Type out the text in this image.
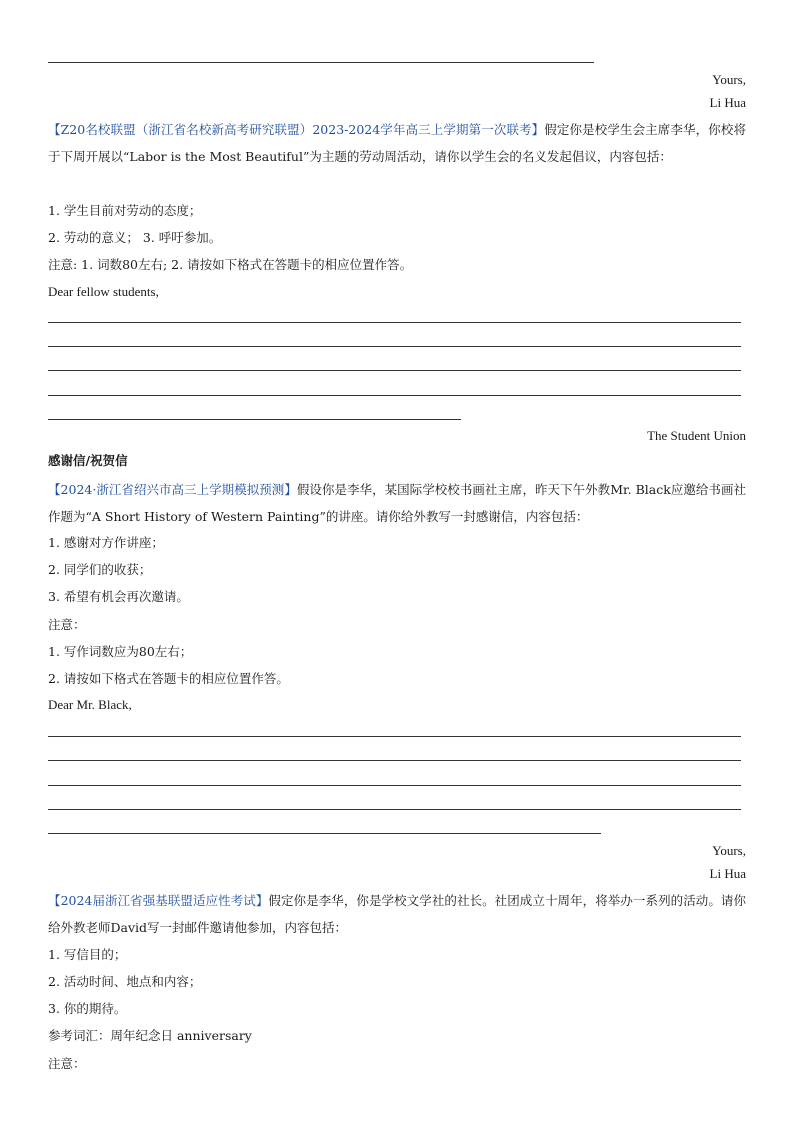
Yours,
Li Hua
【Z20名校联盟（浙江省名校新高考研究联盟）2023-2024学年高三上学期第一次联考】假定你是校学生会主席李华，你校将于下周开展以“Labor is the Most Beautiful”为主题的劳动周活动，请你以学生会的名义发起倡议，内容包括：
1. 学生目前对劳动的态度；
2. 劳动的意义； 3. 呼吁参加。
注意: 1. 词数80左右; 2. 请按如下格式在答题卡的相应位置作答。
Dear fellow students,
The Student Union
感谢信/祝贺信
【2024·浙江省绍兴市高三上学期模拟预测】假设你是李华，某国际学校校书画社主席，昨天下午外教Mr. Black应邀给书画社作题为“A Short History of Western Painting”的讲座。请你给外教写一封感谢信，内容包括：
1. 感谢对方作讲座；
2. 同学们的收获；
3. 希望有机会再次邀请。
注意：
1. 写作词数应为80左右；
2. 请按如下格式在答题卡的相应位置作答。
Dear Mr. Black,
Yours,
Li Hua
【2024届浙江省强基联盟适应性考试】假定你是李华，你是学校文学社的社长。社团成立十周年，将举办一系列的活动。请你给外教老师David写一封邮件邀请他参加，内容包括：
1. 写信目的；
2. 活动时间、地点和内容；
3. 你的期待。
参考词汇：周年纪念日 anniversary
注意：
